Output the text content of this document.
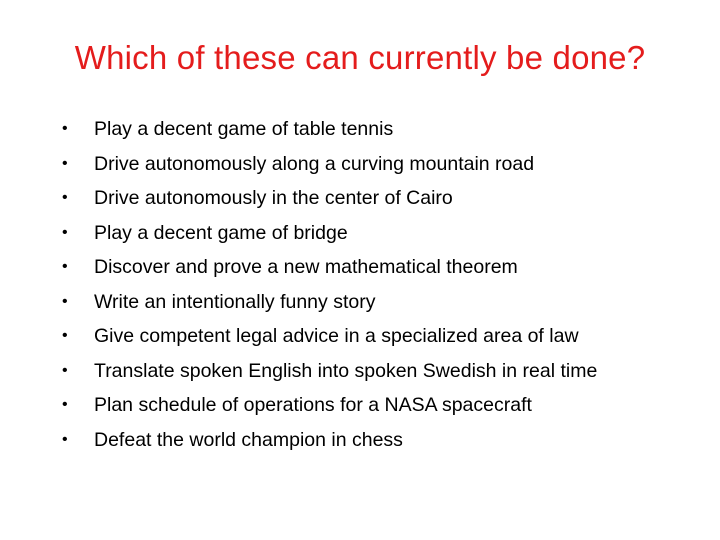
Which of these can currently be done?
•	Play a decent game of table tennis
•	Drive autonomously along a curving mountain road
•	Drive autonomously in the center of Cairo
•	Play a decent game of bridge
•	Discover and prove a new mathematical theorem
•	Write an intentionally funny story
•	Give competent legal advice in a specialized area of law
•	Translate spoken English into spoken Swedish in real time
•	Plan schedule of operations for a NASA spacecraft
•	Defeat the world champion in chess
